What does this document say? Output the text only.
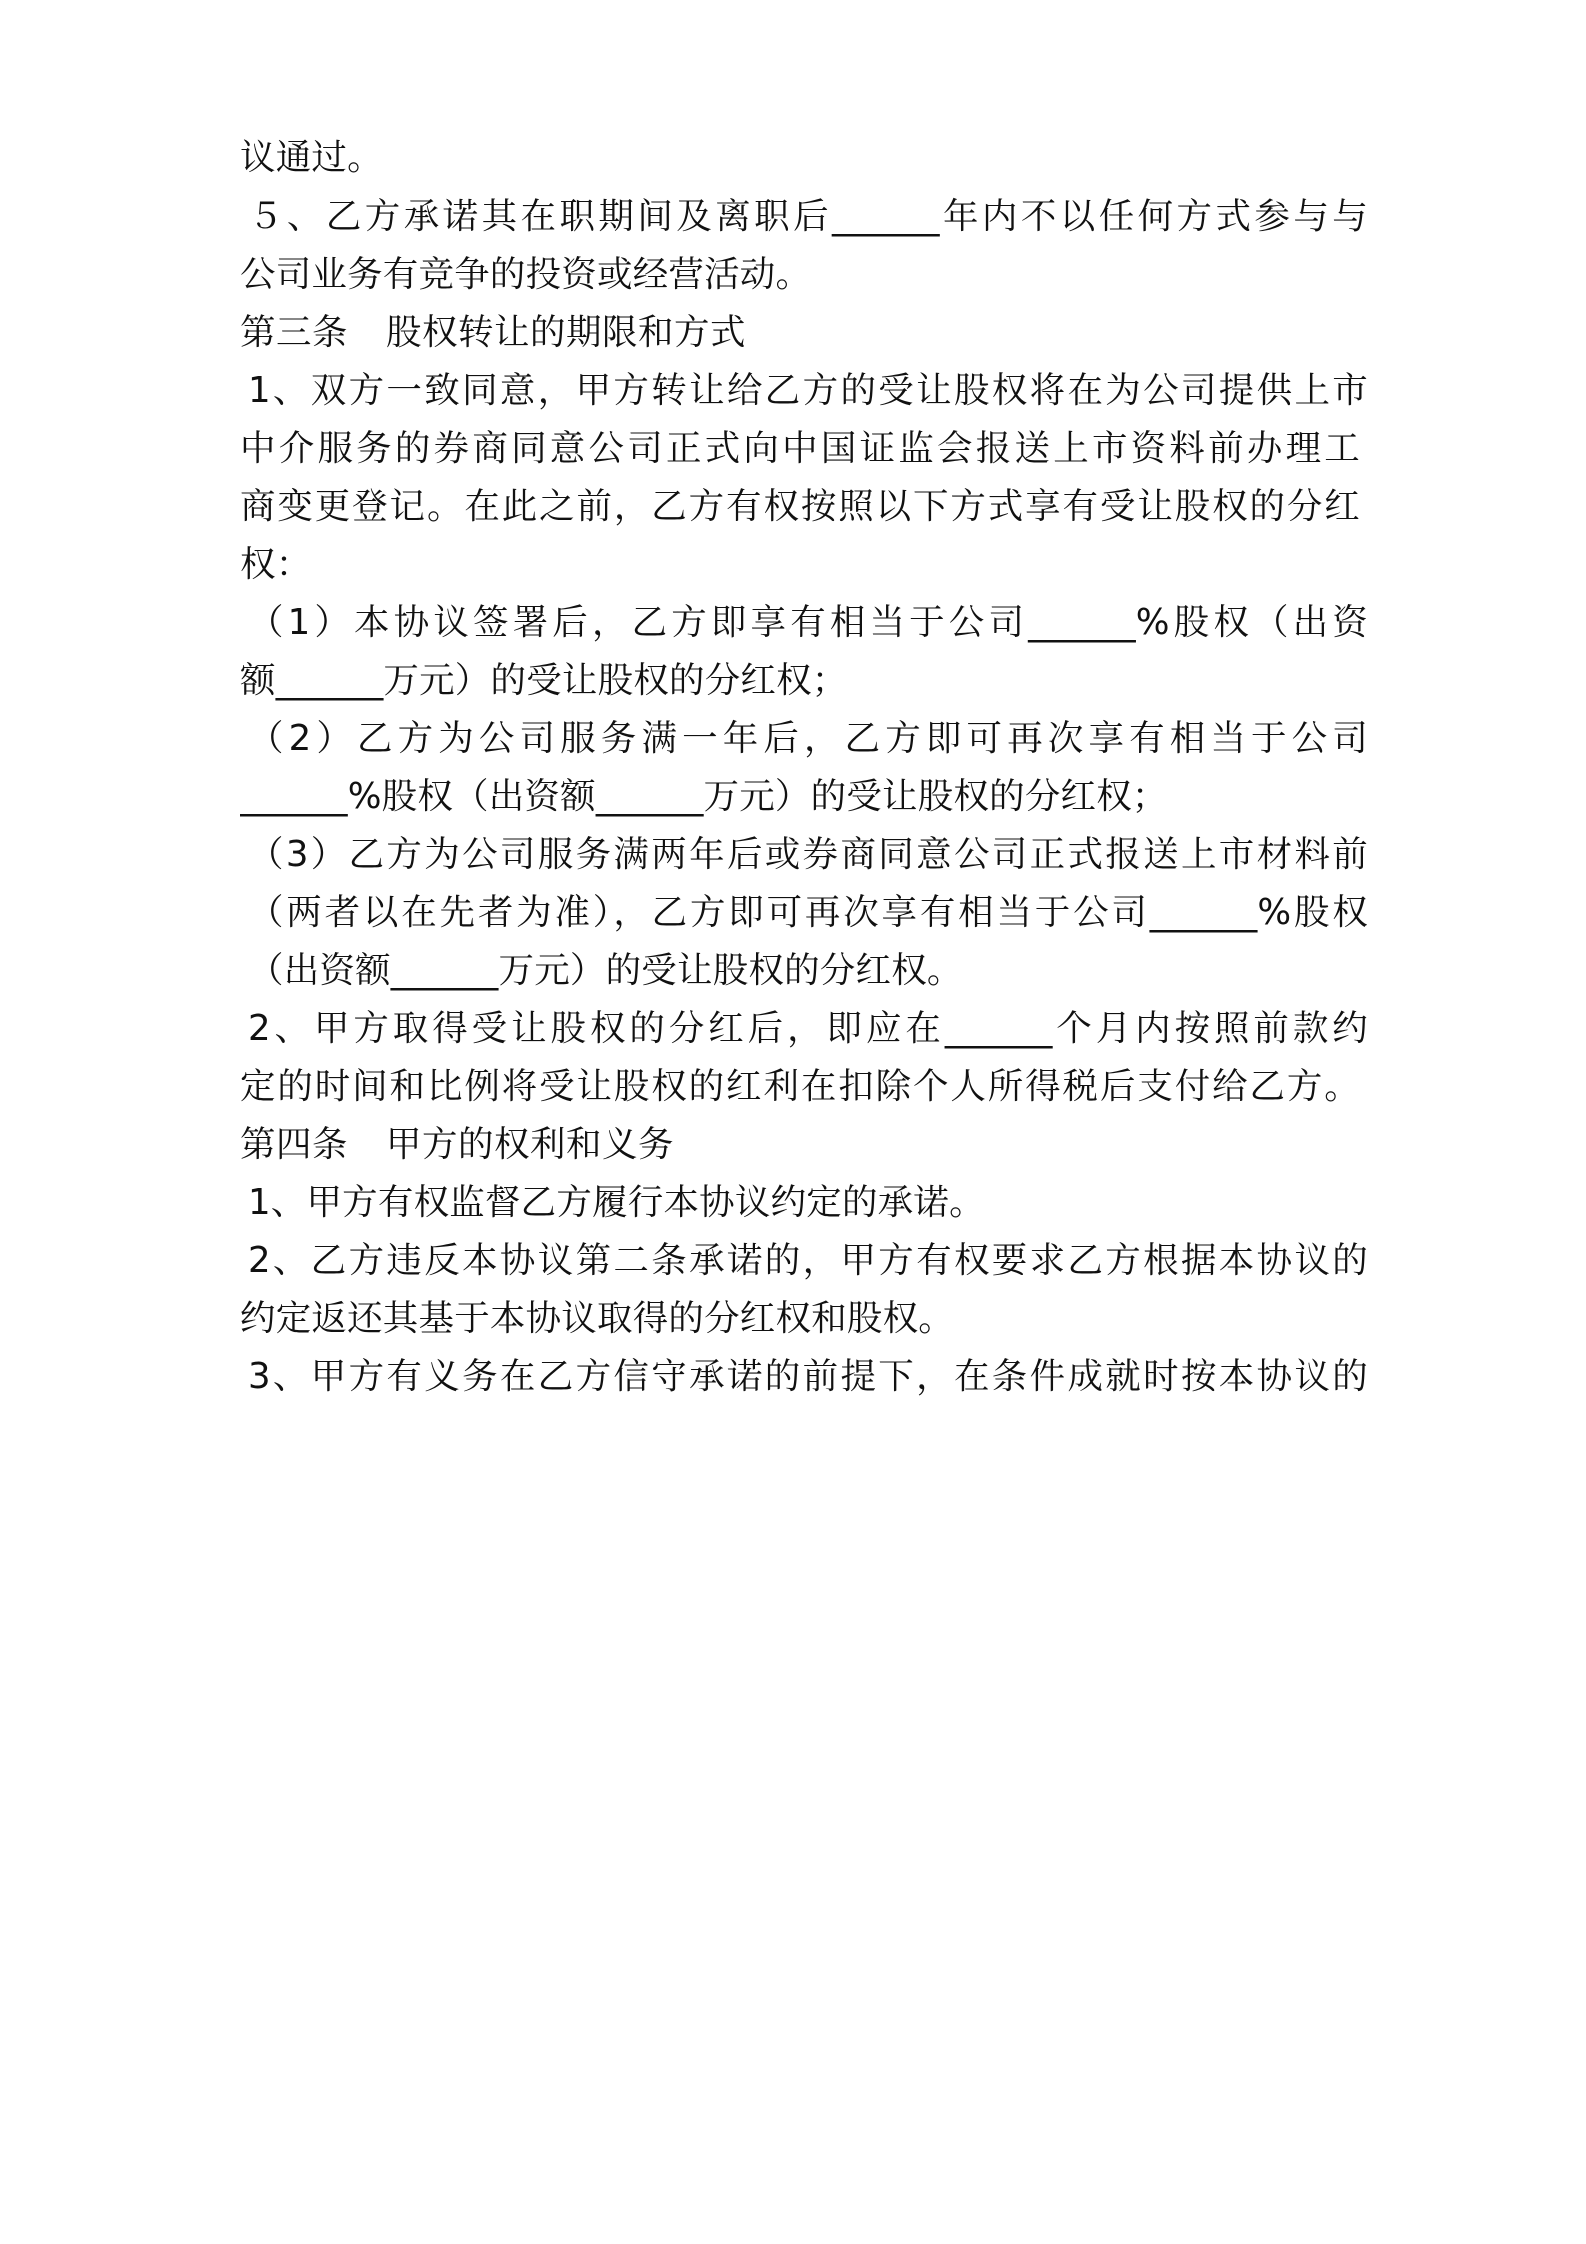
议通过。
５、乙方承诺其在职期间及离职后______年内不以任何方式参与与
公司业务有竞争的投资或经营活动。
第三条 股权转让的期限和方式
1、双方一致同意，甲方转让给乙方的受让股权将在为公司提供上市
中介服务的券商同意公司正式向中国证监会报送上市资料前办理工
商变更登记。在此之前，乙方有权按照以下方式享有受让股权的分红
权：
（1）本协议签署后，乙方即享有相当于公司______%股权（出资
额______万元）的受让股权的分红权；
（2）乙方为公司服务满一年后，乙方即可再次享有相当于公司
______%股权（出资额______万元）的受让股权的分红权；
（3）乙方为公司服务满两年后或券商同意公司正式报送上市材料前
（两者以在先者为准），乙方即可再次享有相当于公司______%股权
（出资额______万元）的受让股权的分红权。
2、甲方取得受让股权的分红后，即应在______个月内按照前款约
定的时间和比例将受让股权的红利在扣除个人所得税后支付给乙方。
第四条 甲方的权利和义务
1、甲方有权监督乙方履行本协议约定的承诺。
2、乙方违反本协议第二条承诺的，甲方有权要求乙方根据本协议的
约定返还其基于本协议取得的分红权和股权。
3、甲方有义务在乙方信守承诺的前提下，在条件成就时按本协议的
